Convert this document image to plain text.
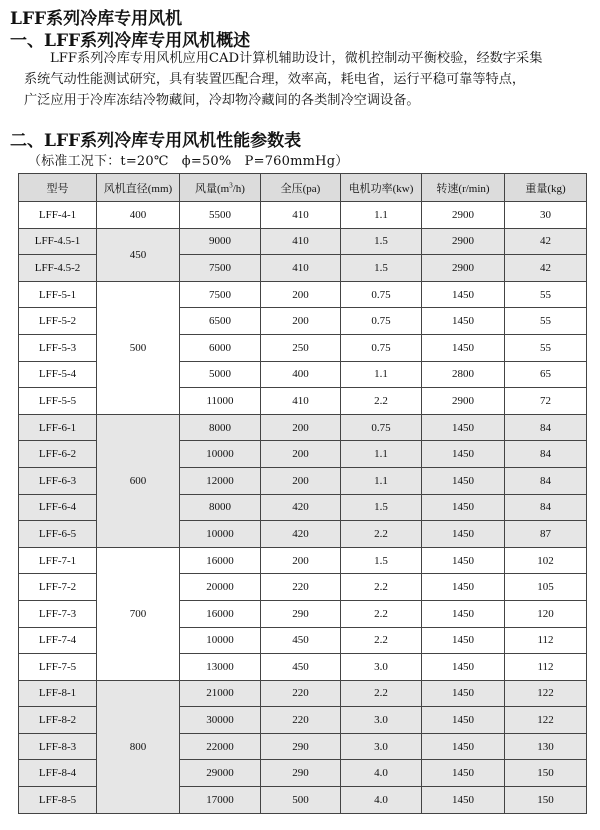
LFF系列冷库专用风机
一、LFF系列冷库专用风机概述

LFF系列冷库专用风机应用CAD计算机辅助设计，微机控制动平衡校验，经数字采集

系统气动性能测试研究，具有装置匹配合理，效率高，耗电省，运行平稳可靠等特点，

广泛应用于冷库冻结冷物藏间，冷却物冷藏间的各类制冷空调设备。

二、LFF系列冷库专用风机性能参数表
（标准工况下：t=20℃　ϕ=50%　P=760mmHg）
型号	风机直径(mm)	风量$(m^3/h)$	全压(pa)	电机功率(kw)	转速(r/min)	重量(kg)
LFF-4-1	400	5500	410	1.1	2900	30
LFF-4.5-1	450	9000	410	1.5	2900	42
LFF-4.5-2		7500	410	1.5	2900	42
LFF-5-1	500	7500	200	0.75	1450	55
LFF-5-2		6500	200	0.75	1450	55
LFF-5-3		6000	250	0.75	1450	55
LFF-5-4		5000	400	1.1	2800	65
LFF-5-5		11000	410	2.2	2900	72
LFF-6-1	600	8000	200	0.75	1450	84
LFF-6-2		10000	200	1.1	1450	84
LFF-6-3		12000	200	1.1	1450	84
LFF-6-4		8000	420	1.5	1450	84
LFF-6-5		10000	420	2.2	1450	87
LFF-7-1	700	16000	200	1.5	1450	102
LFF-7-2		20000	220	2.2	1450	105
LFF-7-3		16000	290	2.2	1450	120
LFF-7-4		10000	450	2.2	1450	112
LFF-7-5		13000	450	3.0	1450	112
LFF-8-1	800	21000	220	2.2	1450	122
LFF-8-2		30000	220	3.0	1450	122
LFF-8-3		22000	290	3.0	1450	130
LFF-8-4		29000	290	4.0	1450	150
LFF-8-5		17000	500	4.0	1450	150
